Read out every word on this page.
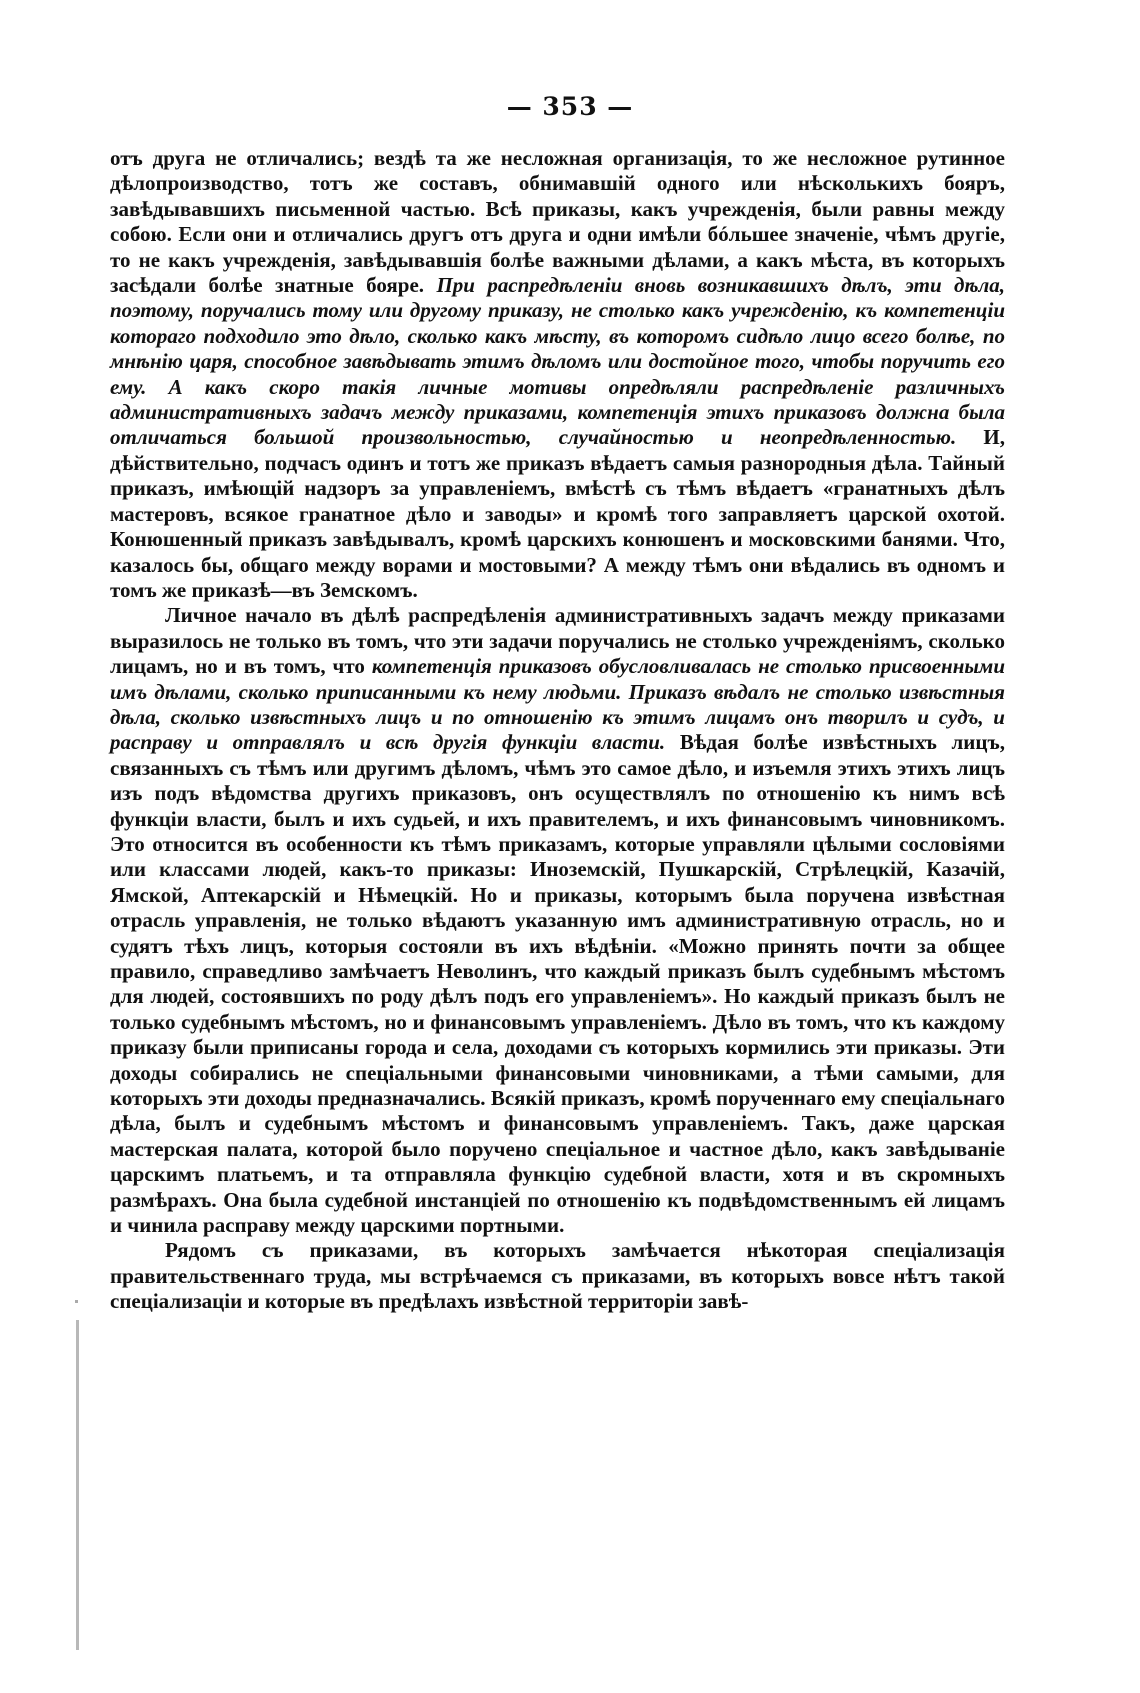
— 353 —

отъ друга не отличались; вездѣ та же несложная организація, то же несложное рутинное дѣлопроизводство, тотъ же составъ, обнимавшій одного или нѣсколькихъ бояръ, завѣдывавшихъ письменной частью. Всѣ приказы, какъ учрежденія, были равны между собою. Если они и отличались другъ отъ друга и одни имѣли бóльшее значеніе, чѣмъ другіе, то не какъ учрежденія, завѣдывавшія болѣе важными дѣлами, а какъ мѣста, въ которыхъ засѣдали болѣе знатные бояре. При распредѣленіи вновь возникавшихъ дѣлъ, эти дѣла, поэтому, поручались тому или другому приказу, не столько какъ учрежденію, къ компетенціи котораго подходило это дѣло, сколько какъ мѣсту, въ которомъ сидѣло лицо всего болѣе, по мнѣнію царя, способное завѣдывать этимъ дѣломъ или достойное того, чтобы поручить его ему. А какъ скоро такія личные мотивы опредѣляли распредѣленіе различныхъ административныхъ задачъ между приказами, компетенція этихъ приказовъ должна была отличаться большой произвольностью, случайностью и неопредѣленностью. И, дѣйствительно, подчасъ одинъ и тотъ же приказъ вѣдаетъ самыя разнородныя дѣла. Тайный приказъ, имѣющій надзоръ за управленіемъ, вмѣстѣ съ тѣмъ вѣдаетъ «гранатныхъ дѣлъ мастеровъ, всякое гранатное дѣло и заводы» и кромѣ того заправляетъ царской охотой. Конюшенный приказъ завѣдывалъ, кромѣ царскихъ конюшенъ и московскими банями. Что, казалось бы, общаго между ворами и мостовыми? А между тѣмъ они вѣдались въ одномъ и томъ же приказѣ—въ Земскомъ.

Личное начало въ дѣлѣ распредѣленія административныхъ задачъ между приказами выразилось не только въ томъ, что эти задачи поручались не столько учрежденіямъ, сколько лицамъ, но и въ томъ, что компетенція приказовъ обусловливалась не столько присвоенными имъ дѣлами, сколько приписанными къ нему людьми. Приказъ вѣдалъ не столько извѣстныя дѣла, сколько извѣстныхъ лицъ и по отношенію къ этимъ лицамъ онъ творилъ и судъ, и расправу и отправлялъ и всѣ другія функціи власти. Вѣдая болѣе извѣстныхъ лицъ, связанныхъ съ тѣмъ или другимъ дѣломъ, чѣмъ это самое дѣло, и изъемля этихъ этихъ лицъ изъ подъ вѣдомства другихъ приказовъ, онъ осуществлялъ по отношенію къ нимъ всѣ функціи власти, былъ и ихъ судьей, и ихъ правителемъ, и ихъ финансовымъ чиновникомъ. Это относится въ особенности къ тѣмъ приказамъ, которые управляли цѣлыми сословіями или классами людей, какъ-то приказы: Иноземскій, Пушкарскій, Стрѣлецкій, Казачій, Ямской, Аптекарскій и Нѣмецкій. Но и приказы, которымъ была поручена извѣстная отрасль управленія, не только вѣдаютъ указанную имъ административную отрасль, но и судятъ тѣхъ лицъ, которыя состояли въ ихъ вѣдѣніи. «Можно принять почти за общее правило, справедливо замѣчаетъ Неволинъ, что каждый приказъ былъ судебнымъ мѣстомъ для людей, состоявшихъ по роду дѣлъ подъ его управленіемъ». Но каждый приказъ былъ не только судебнымъ мѣстомъ, но и финансовымъ управленіемъ. Дѣло въ томъ, что къ каждому приказу были приписаны города и села, доходами съ которыхъ кормились эти приказы. Эти доходы собирались не спеціальными финансовыми чиновниками, а тѣми самыми, для которыхъ эти доходы предназначались. Всякій приказъ, кромѣ порученнаго ему спеціальнаго дѣла, былъ и судебнымъ мѣстомъ и финансовымъ управленіемъ. Такъ, даже царская мастерская палата, которой было поручено спеціальное и частное дѣло, какъ завѣдываніе царскимъ платьемъ, и та отправляла функцію судебной власти, хотя и въ скромныхъ размѣрахъ. Она была судебной инстанціей по отношенію къ подвѣдомственнымъ ей лицамъ и чинила расправу между царскими портными.

Рядомъ съ приказами, въ которыхъ замѣчается нѣкоторая спеціализація правительственнаго труда, мы встрѣчаемся съ приказами, въ которыхъ вовсе нѣтъ такой спеціализаціи и которые въ предѣлахъ извѣстной территоріи завѣ-
